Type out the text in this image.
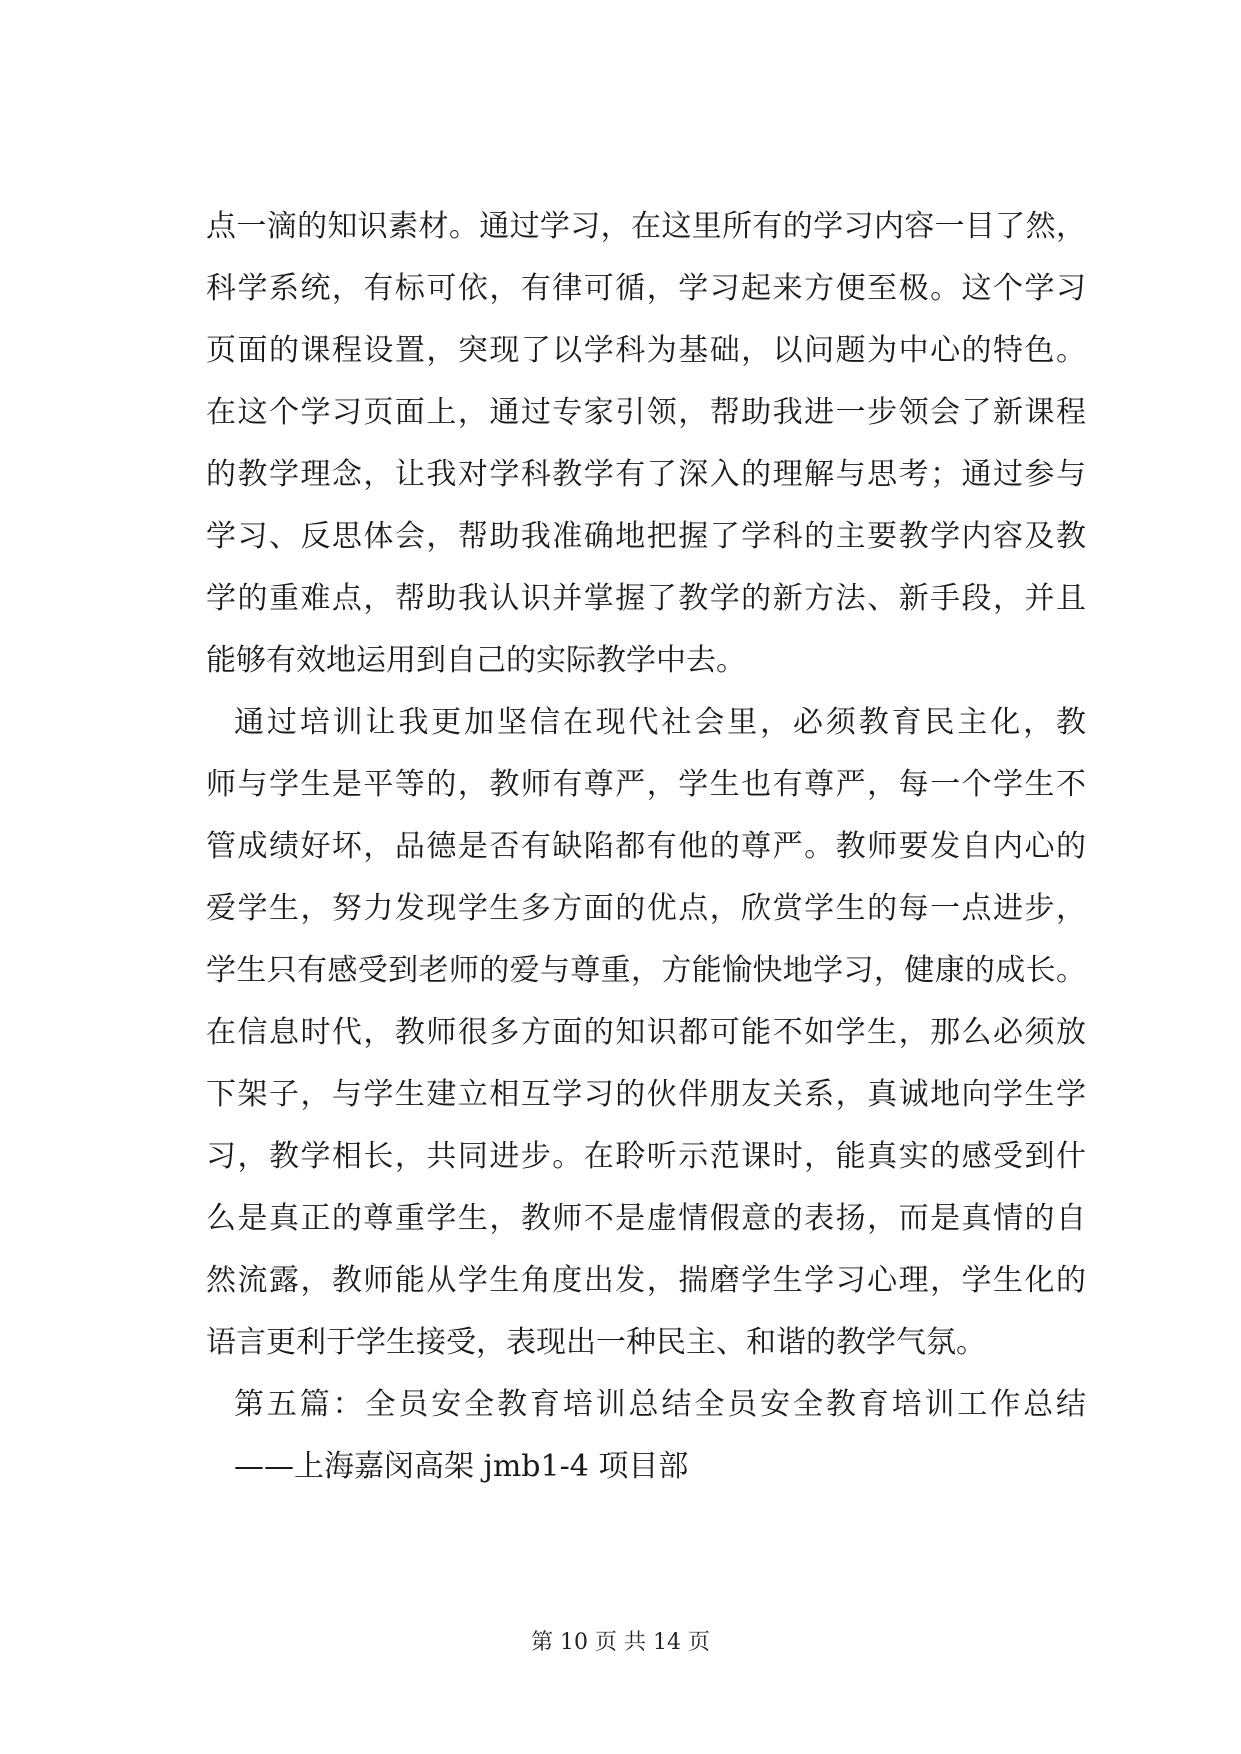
点一滴的知识素材。通过学习，在这里所有的学习内容一目了然，
科学系统，有标可依，有律可循，学习起来方便至极。这个学习
页面的课程设置，突现了以学科为基础，以问题为中心的特色。
在这个学习页面上，通过专家引领，帮助我进一步领会了新课程
的教学理念，让我对学科教学有了深入的理解与思考；通过参与
学习、反思体会，帮助我准确地把握了学科的主要教学内容及教
学的重难点，帮助我认识并掌握了教学的新方法、新手段，并且
能够有效地运用到自己的实际教学中去。
通过培训让我更加坚信在现代社会里，必须教育民主化，教
师与学生是平等的，教师有尊严，学生也有尊严，每一个学生不
管成绩好坏，品德是否有缺陷都有他的尊严。教师要发自内心的
爱学生，努力发现学生多方面的优点，欣赏学生的每一点进步，
学生只有感受到老师的爱与尊重，方能愉快地学习，健康的成长。
在信息时代，教师很多方面的知识都可能不如学生，那么必须放
下架子，与学生建立相互学习的伙伴朋友关系，真诚地向学生学
习，教学相长，共同进步。在聆听示范课时，能真实的感受到什
么是真正的尊重学生，教师不是虚情假意的表扬，而是真情的自
然流露，教师能从学生角度出发，揣磨学生学习心理，学生化的
语言更利于学生接受，表现出一种民主、和谐的教学气氛。
第五篇：全员安全教育培训总结全员安全教育培训工作总结
——上海嘉闵高架 jmb1-4 项目部
第 10 页 共 14 页
